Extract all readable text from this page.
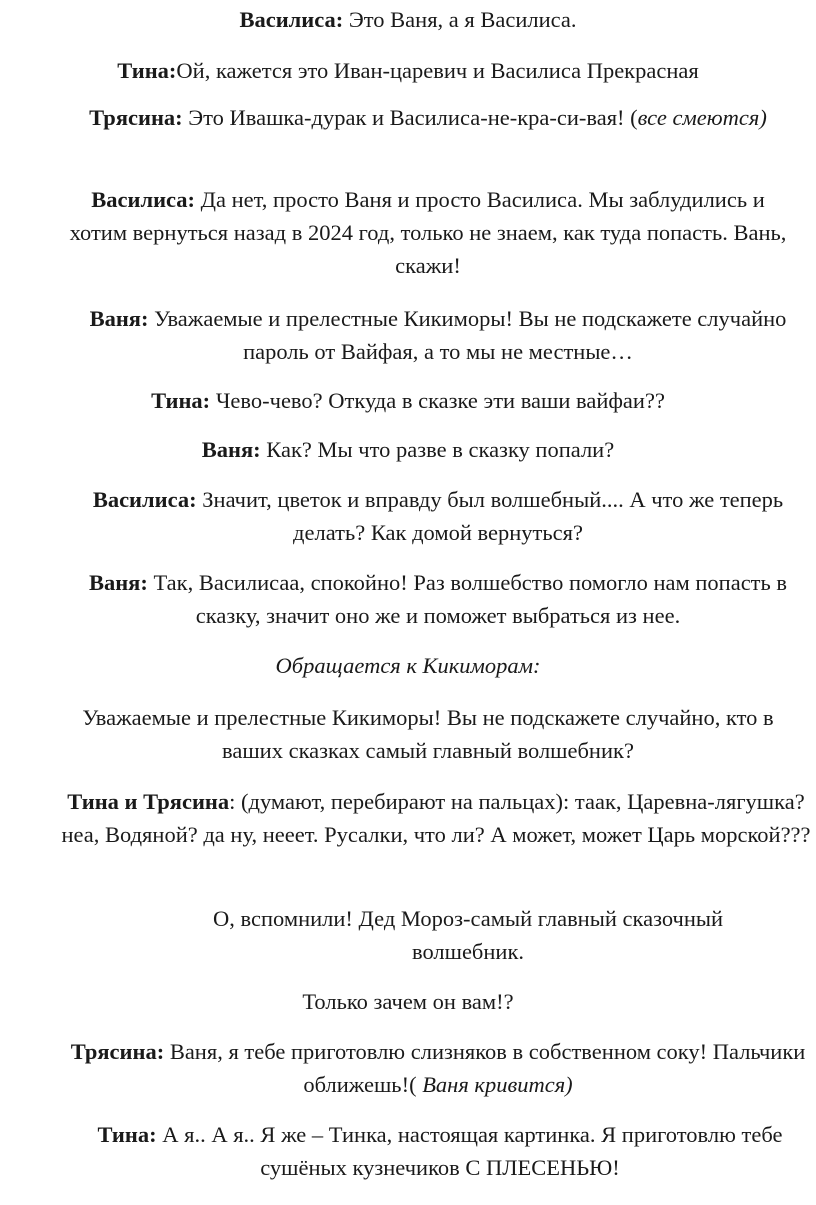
Василиса: Это Ваня, а я Василиса.

Тина:Ой, кажется это Иван-царевич и Василиса Прекрасная

Трясина: Это Ивашка-дурак и Василиса-не-кра-си-вая! (все смеются)

Василиса: Да нет, просто Ваня и просто Василиса. Мы заблудились и хотим вернуться назад в 2024 год, только не знаем, как туда попасть. Вань, скажи!

Ваня: Уважаемые и прелестные Кикиморы! Вы не подскажете случайно пароль от Вайфая, а то мы не местные…

Тина: Чево-чево? Откуда в сказке эти ваши вайфаи??

Ваня: Как? Мы что разве в сказку попали?

Василиса: Значит, цветок и вправду был волшебный.... А что же теперь делать? Как домой вернуться?

Ваня: Так, Василисаа, спокойно! Раз волшебство помогло нам попасть в сказку, значит оно же и поможет выбраться из нее.

Обращается к Кикиморам:

Уважаемые и прелестные Кикиморы! Вы не подскажете случайно, кто в ваших сказках самый главный волшебник?

Тина и Трясина: (думают, перебирают на пальцах): таак, Царевна-лягушка? неа, Водяной? да ну, нееет. Русалки, что ли? А может, может Царь морской???

О, вспомнили! Дед Мороз-самый главный сказочный волшебник.

Только зачем он вам!?

Трясина: Ваня, я тебе приготовлю слизняков в собственном соку! Пальчики оближешь!( Ваня кривится)

Тина: А я.. А я.. Я же – Тинка, настоящая картинка. Я приготовлю тебе сушёных кузнечиков С ПЛЕСЕНЬЮ!
